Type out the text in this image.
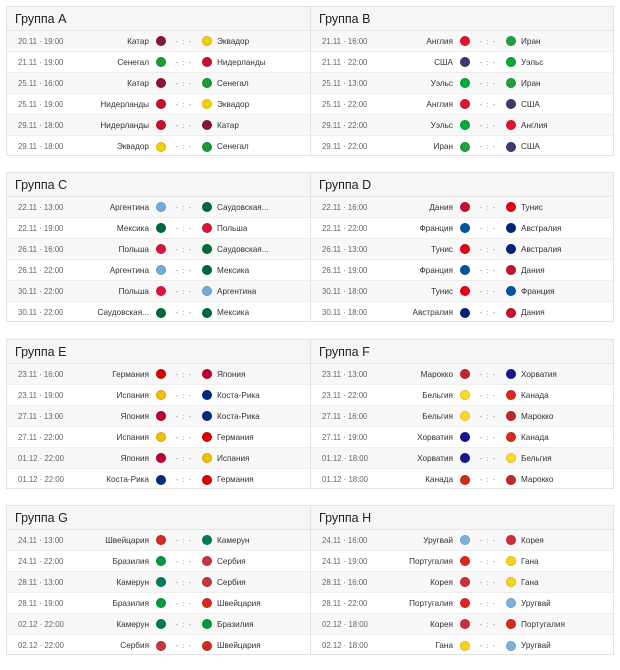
Группа A
20.11 · 19:00	Катар	- : -	Эквадор
21.11 · 19:00	Сенегал	- : -	Нидерланды
25.11 · 16:00	Катар	- : -	Сенегал
25.11 · 19:00	Нидерланды	- : -	Эквадор
29.11 · 18:00	Нидерланды	- : -	Катар
29.11 · 18:00	Эквадор	- : -	Сенегал
Группа B
21.11 · 16:00	Англия	- : -	Иран
21.11 · 22:00	США	- : -	Уэльс
25.11 · 13:00	Уэльс	- : -	Иран
25.11 · 22:00	Англия	- : -	США
29.11 · 22:00	Уэльс	- : -	Англия
29.11 · 22:00	Иран	- : -	США
Группа C
22.11 · 13:00	Аргентина	- : -	Саудовская...
22.11 · 19:00	Мексика	- : -	Польша
26.11 · 16:00	Польша	- : -	Саудовская...
26.11 · 22:00	Аргентина	- : -	Мексика
30.11 · 22:00	Польша	- : -	Аргентина
30.11 · 22:00	Саудовская...	- : -	Мексика
Группа D
22.11 · 16:00	Дания	- : -	Тунис
22.11 · 22:00	Франция	- : -	Австралия
26.11 · 13:00	Тунис	- : -	Австралия
26.11 · 19:00	Франция	- : -	Дания
30.11 · 18:00	Тунис	- : -	Франция
30.11 · 18:00	Австралия	- : -	Дания
Группа E
23.11 · 16:00	Германия	- : -	Япония
23.11 · 19:00	Испания	- : -	Коста-Рика
27.11 · 13:00	Япония	- : -	Коста-Рика
27.11 · 22:00	Испания	- : -	Германия
01.12 · 22:00	Япония	- : -	Испания
01.12 · 22:00	Коста-Рика	- : -	Германия
Группа F
23.11 · 13:00	Марокко	- : -	Хорватия
23.11 · 22:00	Бельгия	- : -	Канада
27.11 · 16:00	Бельгия	- : -	Марокко
27.11 · 19:00	Хорватия	- : -	Канада
01.12 · 18:00	Хорватия	- : -	Бельгия
01.12 · 18:00	Канада	- : -	Марокко
Группа G
24.11 · 13:00	Швейцария	- : -	Камерун
24.11 · 22:00	Бразилия	- : -	Сербия
28.11 · 13:00	Камерун	- : -	Сербия
28.11 · 19:00	Бразилия	- : -	Швейцария
02.12 · 22:00	Камерун	- : -	Бразилия
02.12 · 22:00	Сербия	- : -	Швейцария
Группа H
24.11 · 16:00	Уругвай	- : -	Корея
24.11 · 19:00	Португалия	- : -	Гана
28.11 · 16:00	Корея	- : -	Гана
28.11 · 22:00	Португалия	- : -	Уругвай
02.12 · 18:00	Корея	- : -	Португалия
02.12 · 18:00	Гана	- : -	Уругвай
